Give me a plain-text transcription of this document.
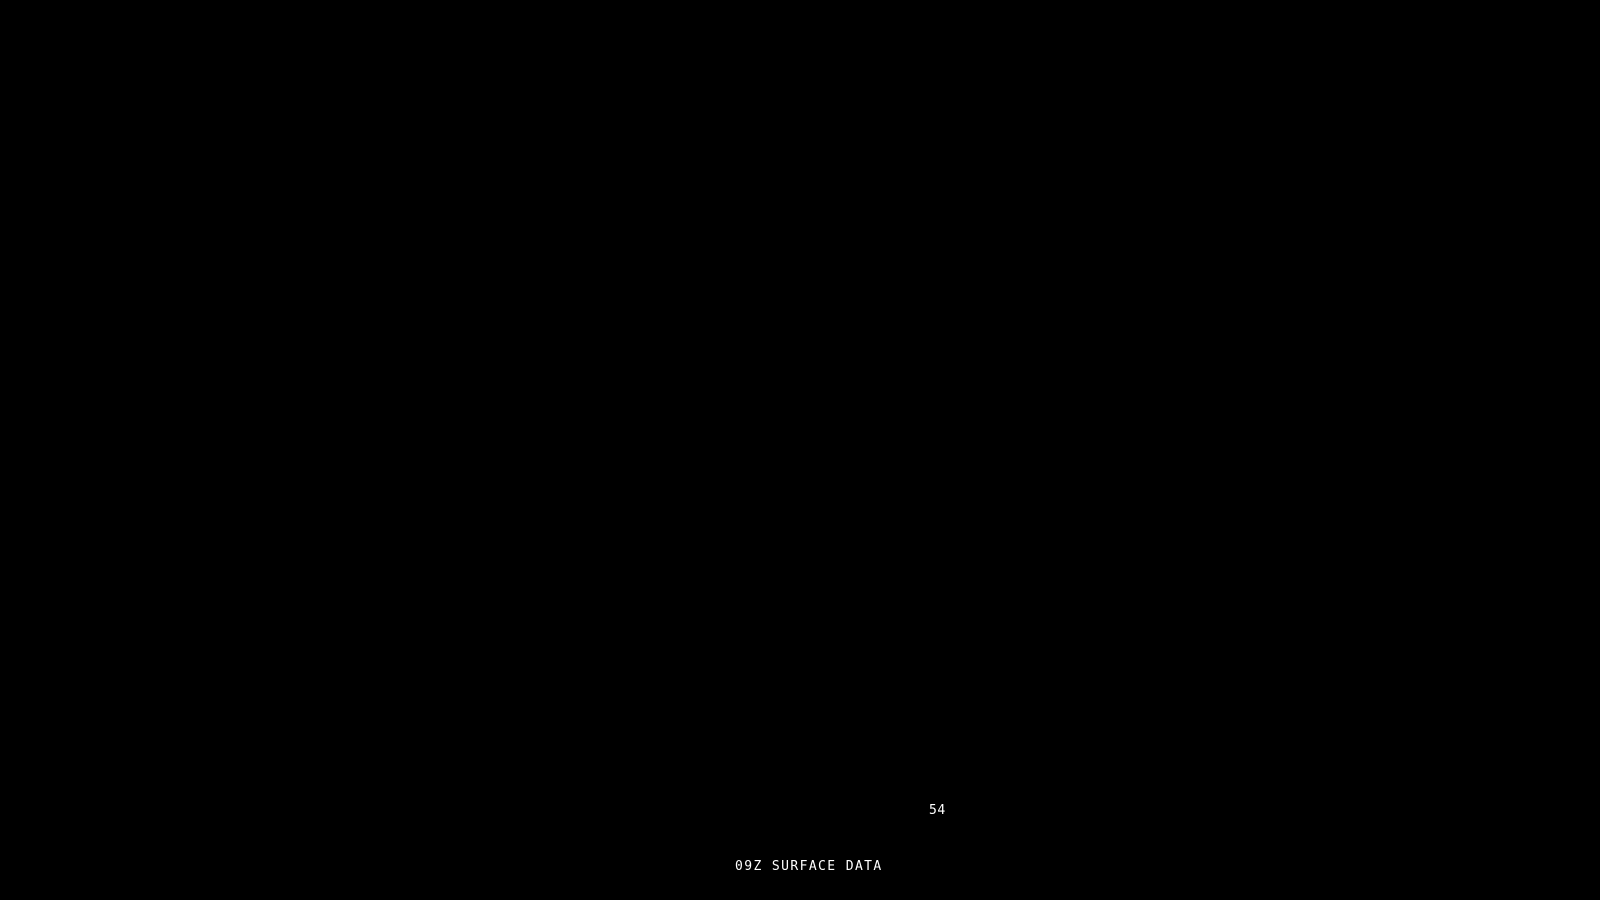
54
09Z SURFACE DATA
